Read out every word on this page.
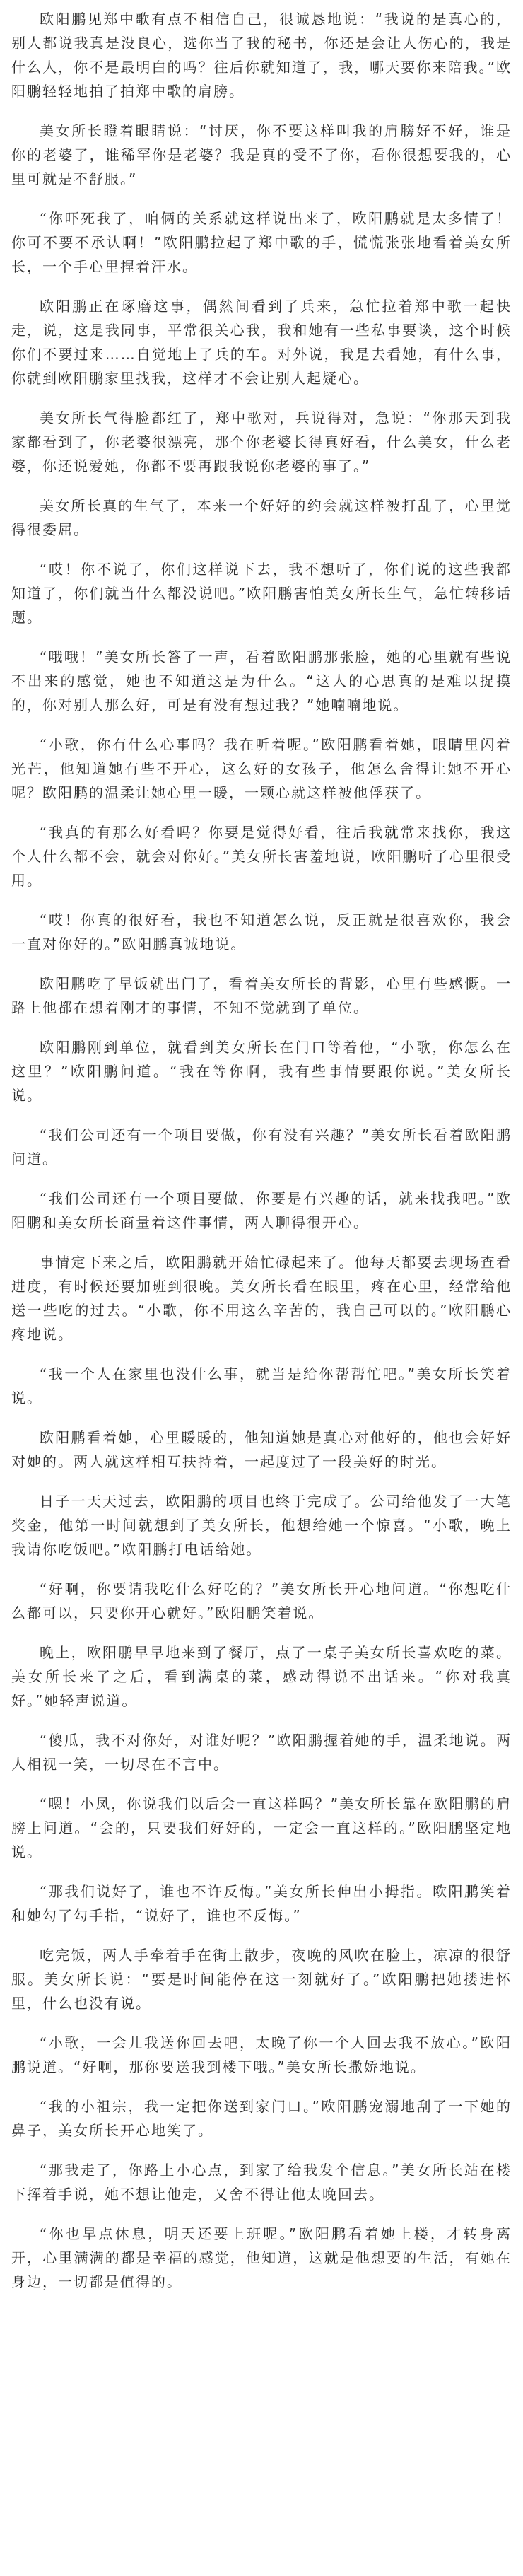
欧阳鹏见郑中歌有点不相信自己，很诚恳地说：“我说的是真心的，别人都说我真是没良心，选你当了我的秘书，你还是会让人伤心的，我是什么人，你不是最明白的吗？往后你就知道了，我，哪天要你来陪我。”欧阳鹏轻轻地拍了拍郑中歌的肩膀。

美女所长瞪着眼睛说：“讨厌，你不要这样叫我的肩膀好不好，谁是你的老婆了，谁稀罕你是老婆？我是真的受不了你，看你很想要我的，心里可就是不舒服。”

“你吓死我了，咱俩的关系就这样说出来了，欧阳鹏就是太多情了！你可不要不承认啊！”欧阳鹏拉起了郑中歌的手，慌慌张张地看着美女所长，一个手心里捏着汗水。

欧阳鹏正在琢磨这事，偶然间看到了兵来，急忙拉着郑中歌一起快走，说，这是我同事，平常很关心我，我和她有一些私事要谈，这个时候你们不要过来……自觉地上了兵的车。对外说，我是去看她，有什么事，你就到欧阳鹏家里找我，这样才不会让别人起疑心。

美女所长气得脸都红了，郑中歌对，兵说得对，急说：“你那天到我家都看到了，你老婆很漂亮，那个你老婆长得真好看，什么美女，什么老婆，你还说爱她，你都不要再跟我说你老婆的事了。”

美女所长真的生气了，本来一个好好的约会就这样被打乱了，心里觉得很委屈。

“哎！你不说了，你们这样说下去，我不想听了，你们说的这些我都知道了，你们就当什么都没说吧。”欧阳鹏害怕美女所长生气，急忙转移话题。

“哦哦！”美女所长答了一声，看着欧阳鹏那张脸，她的心里就有些说不出来的感觉，她也不知道这是为什么。“这人的心思真的是难以捉摸的，你对别人那么好，可是有没有想过我？”她喃喃地说。

“小歌，你有什么心事吗？我在听着呢。”欧阳鹏看着她，眼睛里闪着光芒，他知道她有些不开心，这么好的女孩子，他怎么舍得让她不开心呢？欧阳鹏的温柔让她心里一暖，一颗心就这样被他俘获了。

“我真的有那么好看吗？你要是觉得好看，往后我就常来找你，我这个人什么都不会，就会对你好。”美女所长害羞地说，欧阳鹏听了心里很受用。

“哎！你真的很好看，我也不知道怎么说，反正就是很喜欢你，我会一直对你好的。”欧阳鹏真诚地说。

欧阳鹏吃了早饭就出门了，看着美女所长的背影，心里有些感慨。一路上他都在想着刚才的事情，不知不觉就到了单位。

欧阳鹏刚到单位，就看到美女所长在门口等着他，“小歌，你怎么在这里？”欧阳鹏问道。“我在等你啊，我有些事情要跟你说。”美女所长说。

“我们公司还有一个项目要做，你有没有兴趣？”美女所长看着欧阳鹏问道。

“我们公司还有一个项目要做，你要是有兴趣的话，就来找我吧。”欧阳鹏和美女所长商量着这件事情，两人聊得很开心。

事情定下来之后，欧阳鹏就开始忙碌起来了。他每天都要去现场查看进度，有时候还要加班到很晚。美女所长看在眼里，疼在心里，经常给他送一些吃的过去。“小歌，你不用这么辛苦的，我自己可以的。”欧阳鹏心疼地说。

“我一个人在家里也没什么事，就当是给你帮帮忙吧。”美女所长笑着说。

欧阳鹏看着她，心里暖暖的，他知道她是真心对他好的，他也会好好对她的。两人就这样相互扶持着，一起度过了一段美好的时光。

日子一天天过去，欧阳鹏的项目也终于完成了。公司给他发了一大笔奖金，他第一时间就想到了美女所长，他想给她一个惊喜。“小歌，晚上我请你吃饭吧。”欧阳鹏打电话给她。

“好啊，你要请我吃什么好吃的？”美女所长开心地问道。“你想吃什么都可以，只要你开心就好。”欧阳鹏笑着说。

晚上，欧阳鹏早早地来到了餐厅，点了一桌子美女所长喜欢吃的菜。美女所长来了之后，看到满桌的菜，感动得说不出话来。“你对我真好。”她轻声说道。

“傻瓜，我不对你好，对谁好呢？”欧阳鹏握着她的手，温柔地说。两人相视一笑，一切尽在不言中。

“嗯！小凤，你说我们以后会一直这样吗？”美女所长靠在欧阳鹏的肩膀上问道。“会的，只要我们好好的，一定会一直这样的。”欧阳鹏坚定地说。

“那我们说好了，谁也不许反悔。”美女所长伸出小拇指。欧阳鹏笑着和她勾了勾手指，“说好了，谁也不反悔。”

吃完饭，两人手牵着手在街上散步，夜晚的风吹在脸上，凉凉的很舒服。美女所长说：“要是时间能停在这一刻就好了。”欧阳鹏把她搂进怀里，什么也没有说。

“小歌，一会儿我送你回去吧，太晚了你一个人回去我不放心。”欧阳鹏说道。“好啊，那你要送我到楼下哦。”美女所长撒娇地说。

“我的小祖宗，我一定把你送到家门口。”欧阳鹏宠溺地刮了一下她的鼻子，美女所长开心地笑了。

“那我走了，你路上小心点，到家了给我发个信息。”美女所长站在楼下挥着手说，她不想让他走，又舍不得让他太晚回去。

“你也早点休息，明天还要上班呢。”欧阳鹏看着她上楼，才转身离开，心里满满的都是幸福的感觉，他知道，这就是他想要的生活，有她在身边，一切都是值得的。
